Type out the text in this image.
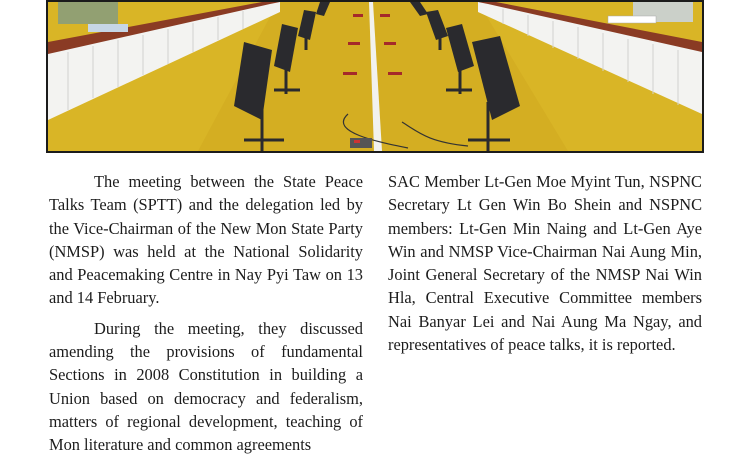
The meeting between the State Peace Talks Team (SPTT) and the delegation led by the Vice-Chairman of the New Mon State Party (NMSP) was held at the National Solidarity and Peacemaking Centre in Nay Pyi Taw on 13 and 14 February.

During the meeting, they discussed amending the provisions of fundamental Sections in 2008 Constitution in building a Union based on democracy and federalism, matters of regional development, teaching of Mon literature and common agreements

SAC Member Lt-Gen Moe Myint Tun, NSPNC Secretary Lt Gen Win Bo Shein and NSPNC members: Lt-Gen Min Naing and Lt-Gen Aye Win and NMSP Vice-Chairman Nai Aung Min, Joint General Secretary of the NMSP Nai Win Hla, Central Executive Committee members Nai Banyar Lei and Nai Aung Ma Ngay, and representatives of peace talks, it is reported.
